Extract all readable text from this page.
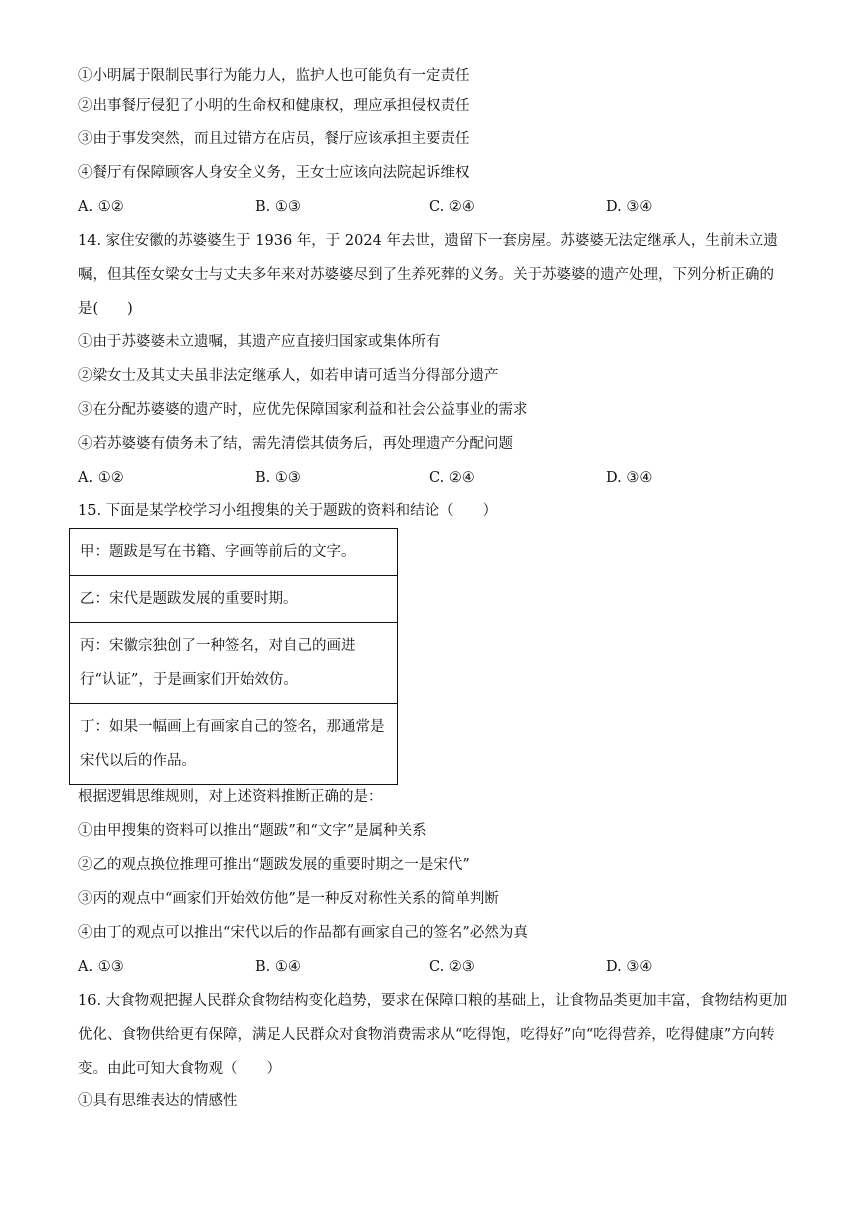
①小明属于限制民事行为能力人，监护人也可能负有一定责任
②出事餐厅侵犯了小明的生命权和健康权，理应承担侵权责任
③由于事发突然，而且过错方在店员，餐厅应该承担主要责任
④餐厅有保障顾客人身安全义务，王女士应该向法院起诉维权
A. ①②	B. ①③	C. ②④	D. ③④
14. 家住安徽的苏婆婆生于 1936 年，于 2024 年去世，遗留下一套房屋。苏婆婆无法定继承人，生前未立遗嘱，但其侄女梁女士与丈夫多年来对苏婆婆尽到了生养死葬的义务。关于苏婆婆的遗产处理，下列分析正确的是(　　)
①由于苏婆婆未立遗嘱，其遗产应直接归国家或集体所有
②梁女士及其丈夫虽非法定继承人，如若申请可适当分得部分遗产
③在分配苏婆婆的遗产时，应优先保障国家利益和社会公益事业的需求
④若苏婆婆有债务未了结，需先清偿其债务后，再处理遗产分配问题
A. ①②	B. ①③	C. ②④	D. ③④
15. 下面是某学校学习小组搜集的关于题跋的资料和结论（　　）
甲：题跋是写在书籍、字画等前后的文字。
乙：宋代是题跋发展的重要时期。
丙：宋徽宗独创了一种签名，对自己的画进行“认证”，于是画家们开始效仿。
丁：如果一幅画上有画家自己的签名，那通常是宋代以后的作品。
根据逻辑思维规则，对上述资料推断正确的是：
①由甲搜集的资料可以推出“题跋”和“文字”是属种关系
②乙的观点换位推理可推出“题跋发展的重要时期之一是宋代”
③丙的观点中“画家们开始效仿他”是一种反对称性关系的简单判断
④由丁的观点可以推出“宋代以后的作品都有画家自己的签名”必然为真
A. ①③	B. ①④	C. ②③	D. ③④
16. 大食物观把握人民群众食物结构变化趋势，要求在保障口粮的基础上，让食物品类更加丰富，食物结构更加优化、食物供给更有保障，满足人民群众对食物消费需求从“吃得饱，吃得好”向“吃得营养，吃得健康”方向转变。由此可知大食物观（　　）
①具有思维表达的情感性
